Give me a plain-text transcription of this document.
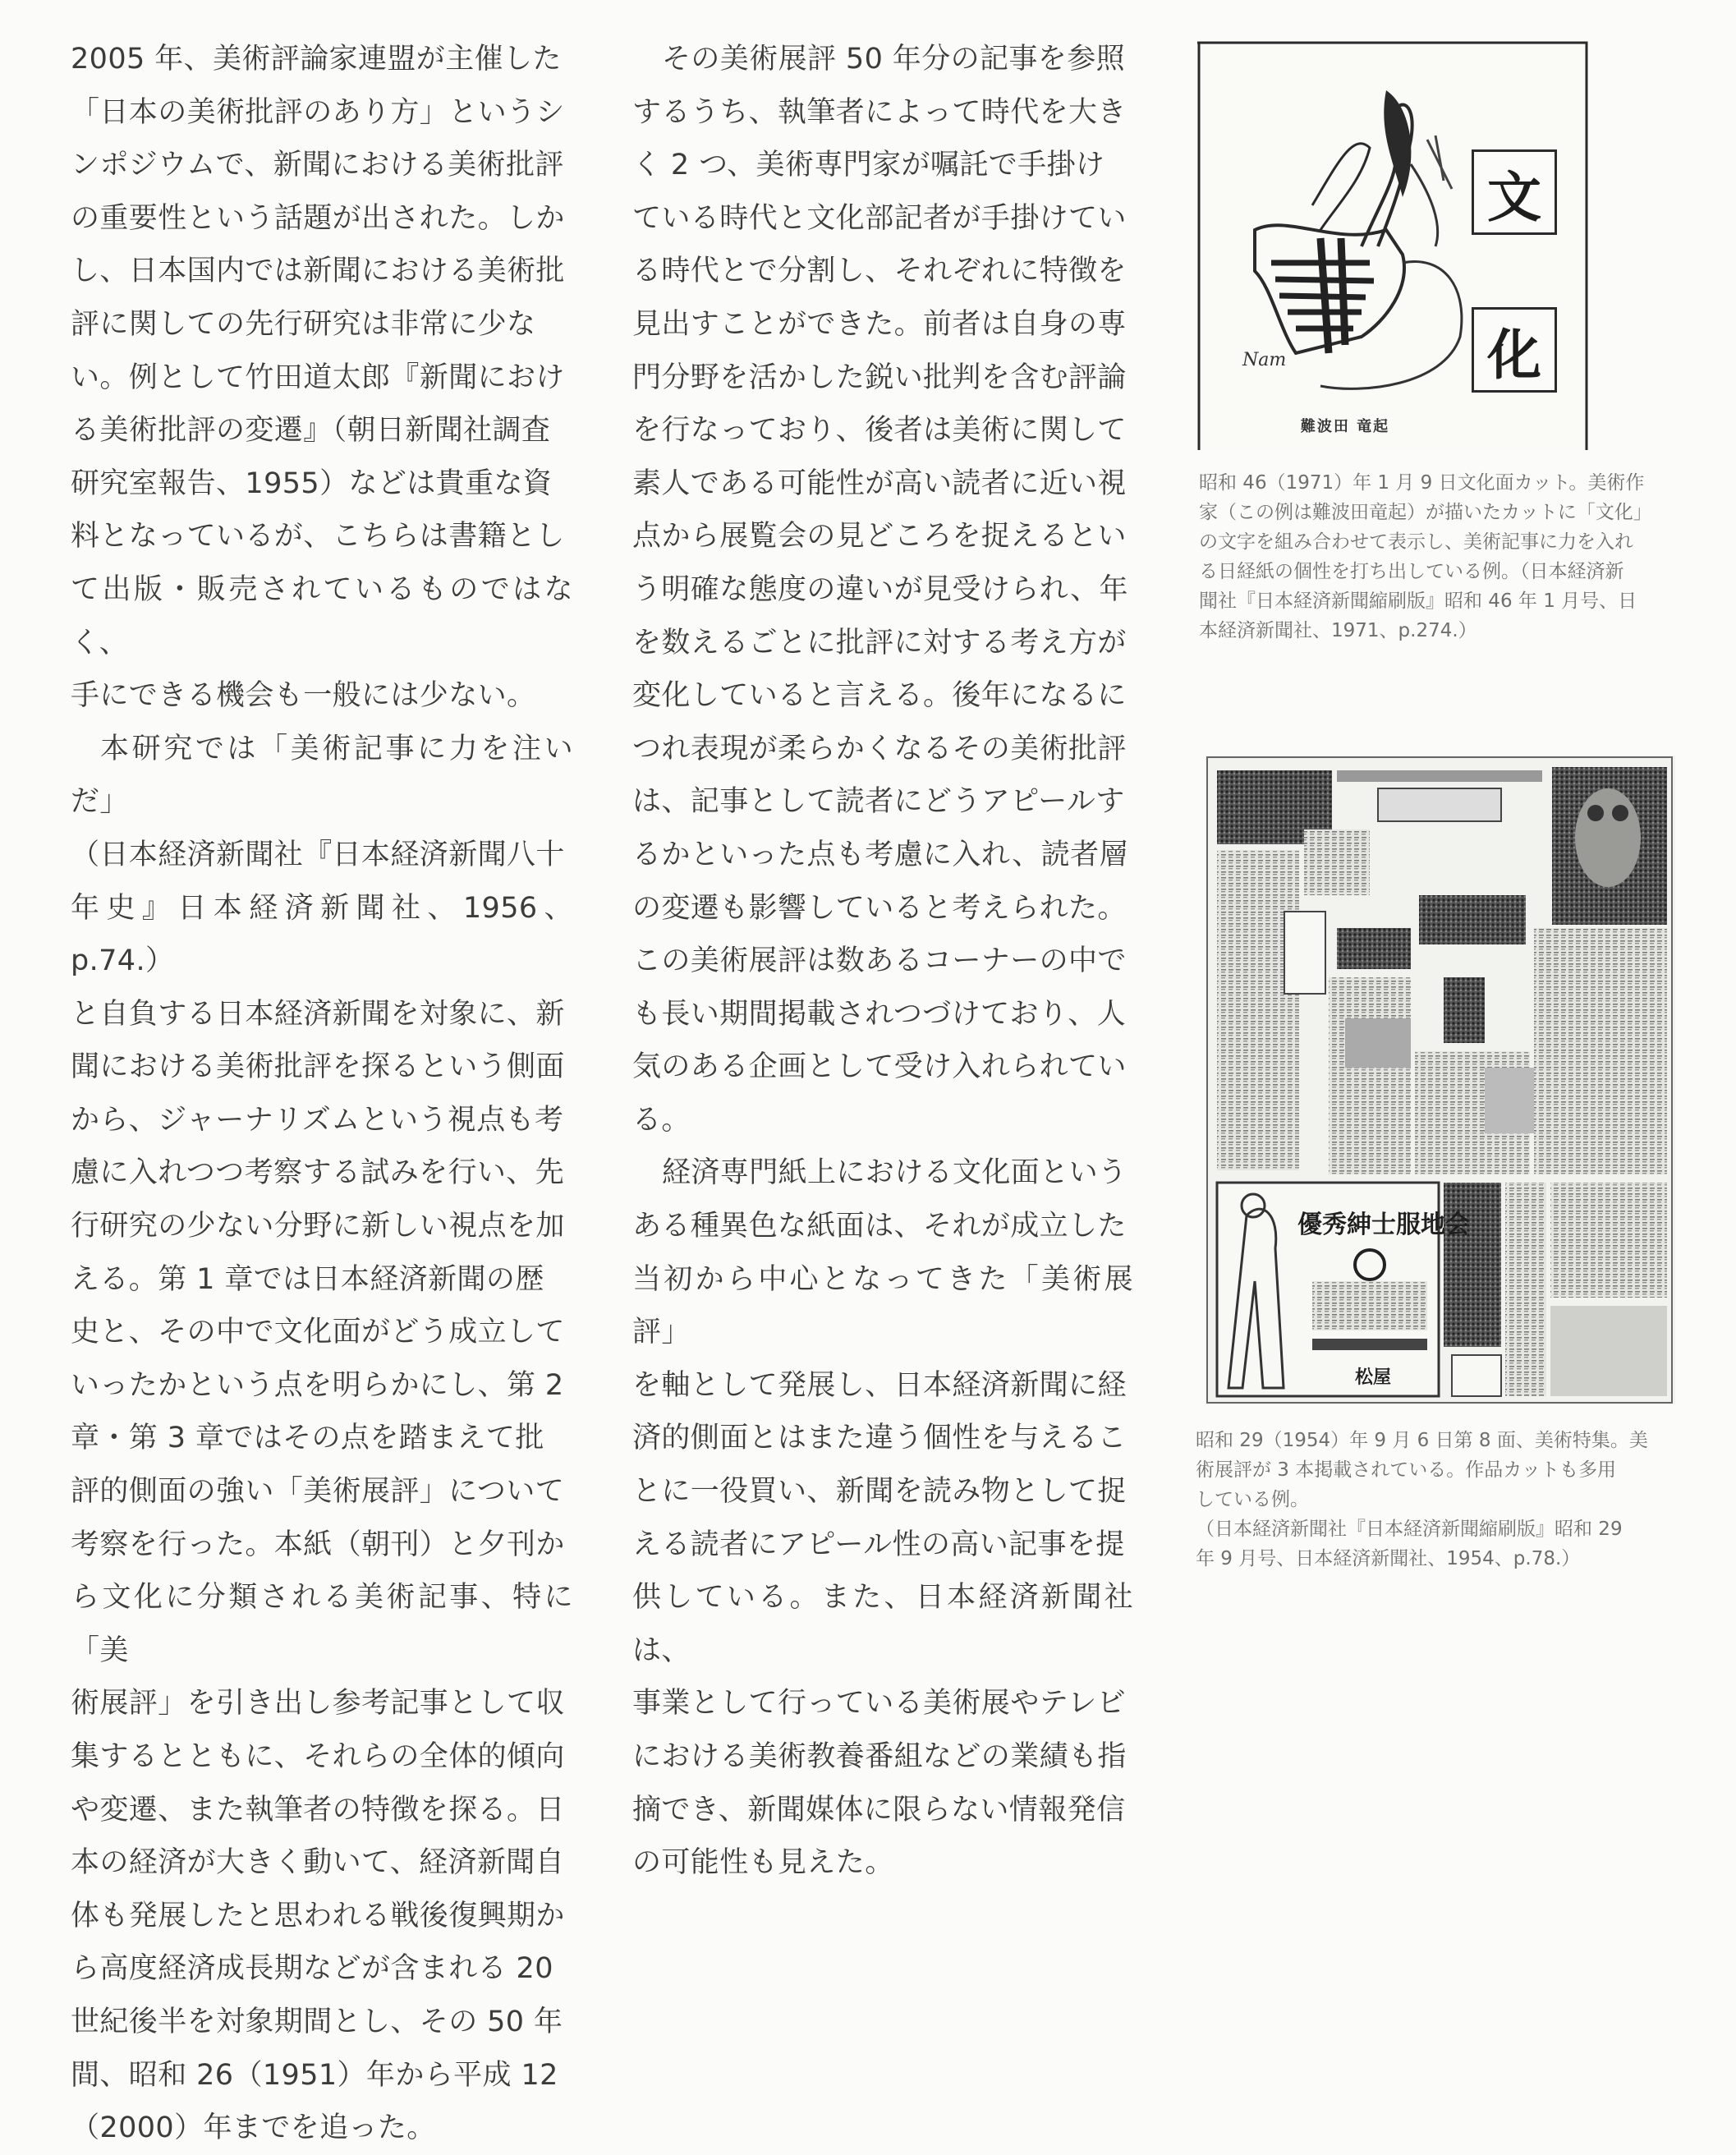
2005 年、美術評論家連盟が主催した
「日本の美術批評のあり方」というシ
ンポジウムで、新聞における美術批評
の重要性という話題が出された。しか
し、日本国内では新聞における美術批
評に関しての先行研究は非常に少な
い。例として竹田道太郎『新聞におけ
る美術批評の変遷』（朝日新聞社調査
研究室報告、1955）などは貴重な資
料となっているが、こちらは書籍とし
て出版・販売されているものではなく、
手にできる機会も一般には少ない。

本研究では「美術記事に力を注いだ」
（日本経済新聞社『日本経済新聞八十
年史』日本経済新聞社、1956、p.74.）
と自負する日本経済新聞を対象に、新
聞における美術批評を探るという側面
から、ジャーナリズムという視点も考
慮に入れつつ考察する試みを行い、先
行研究の少ない分野に新しい視点を加
える。第 1 章では日本経済新聞の歴
史と、その中で文化面がどう成立して
いったかという点を明らかにし、第 2
章・第 3 章ではその点を踏まえて批
評的側面の強い「美術展評」について
考察を行った。本紙（朝刊）と夕刊か
ら文化に分類される美術記事、特に「美
術展評」を引き出し参考記事として収
集するとともに、それらの全体的傾向
や変遷、また執筆者の特徴を探る。日
本の経済が大きく動いて、経済新聞自
体も発展したと思われる戦後復興期か
ら高度経済成長期などが含まれる 20
世紀後半を対象期間とし、その 50 年
間、昭和 26（1951）年から平成 12
（2000）年までを追った。

その美術展評 50 年分の記事を参照
するうち、執筆者によって時代を大き
く 2 つ、美術専門家が嘱託で手掛け
ている時代と文化部記者が手掛けてい
る時代とで分割し、それぞれに特徴を
見出すことができた。前者は自身の専
門分野を活かした鋭い批判を含む評論
を行なっており、後者は美術に関して
素人である可能性が高い読者に近い視
点から展覧会の見どころを捉えるとい
う明確な態度の違いが見受けられ、年
を数えるごとに批評に対する考え方が
変化していると言える。後年になるに
つれ表現が柔らかくなるその美術批評
は、記事として読者にどうアピールす
るかといった点も考慮に入れ、読者層
の変遷も影響していると考えられた。
この美術展評は数あるコーナーの中で
も長い期間掲載されつづけており、人
気のある企画として受け入れられてい
る。

経済専門紙上における文化面という
ある種異色な紙面は、それが成立した
当初から中心となってきた「美術展評」
を軸として発展し、日本経済新聞に経
済的側面とはまた違う個性を与えるこ
とに一役買い、新聞を読み物として捉
える読者にアピール性の高い記事を提
供している。また、日本経済新聞社は、
事業として行っている美術展やテレビ
における美術教養番組などの業績も指
摘でき、新聞媒体に限らない情報発信
の可能性も見えた。

Nam
文
化
難波田 竜起
昭和 46（1971）年 1 月 9 日文化面カット。美術作
家（この例は難波田竜起）が描いたカットに「文化」
の文字を組み合わせて表示し、美術記事に力を入れ
る日経紙の個性を打ち出している例。（日本経済新
聞社『日本経済新聞縮刷版』昭和 46 年 1 月号、日
本経済新聞社、1971、p.274.）
優秀紳士服地会
松屋
昭和 29（1954）年 9 月 6 日第 8 面、美術特集。美
術展評が 3 本掲載されている。作品カットも多用
している例。
（日本経済新聞社『日本経済新聞縮刷版』昭和 29
年 9 月号、日本経済新聞社、1954、p.78.）
